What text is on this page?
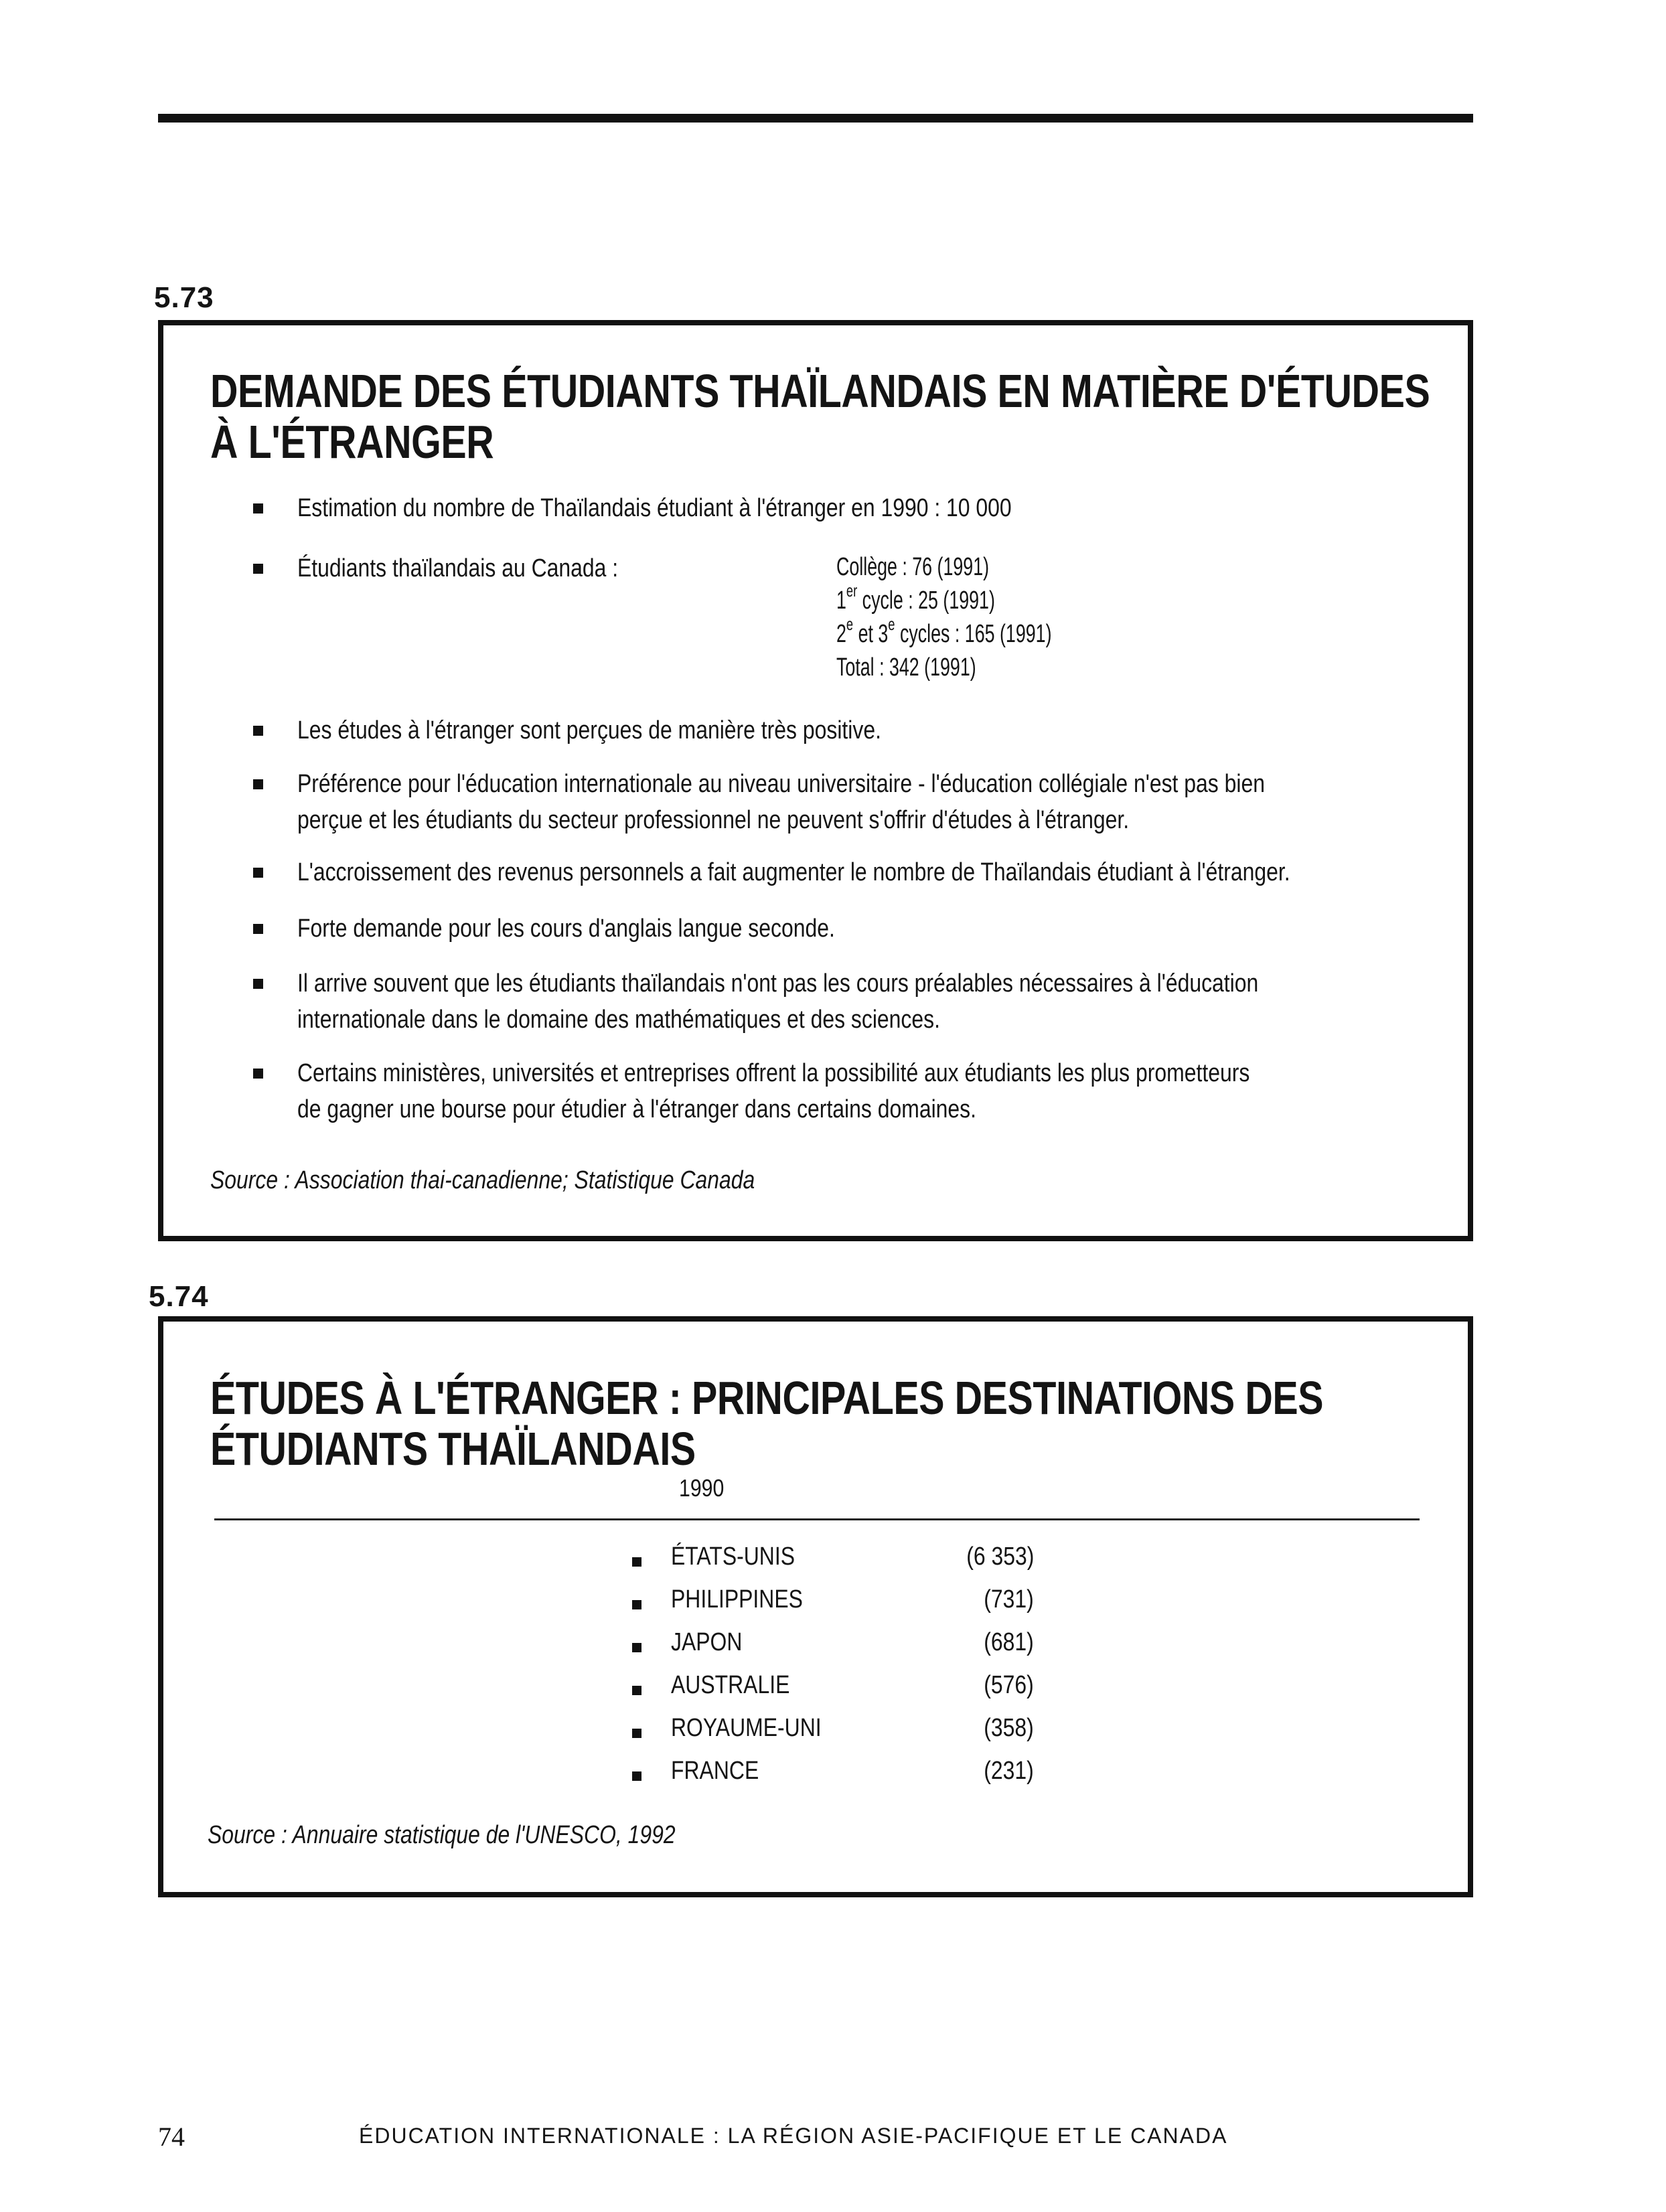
5.73
DEMANDE DES ÉTUDIANTS THAÏLANDAIS EN MATIÈRE D'ÉTUDES
À L'ÉTRANGER
Estimation du nombre de Thaïlandais étudiant à l'étranger en 1990 : 10 000
Étudiants thaïlandais au Canada :	Collège : 76 (1991)
1er cycle : 25 (1991)
2e et 3e cycles : 165 (1991)
Total : 342 (1991)
Les études à l'étranger sont perçues de manière très positive.
Préférence pour l'éducation internationale au niveau universitaire - l'éducation collégiale n'est pas bien
perçue et les étudiants du secteur professionnel ne peuvent s'offrir d'études à l'étranger.
L'accroissement des revenus personnels a fait augmenter le nombre de Thaïlandais étudiant à l'étranger.
Forte demande pour les cours d'anglais langue seconde.
Il arrive souvent que les étudiants thaïlandais n'ont pas les cours préalables nécessaires à l'éducation
internationale dans le domaine des mathématiques et des sciences.
Certains ministères, universités et entreprises offrent la possibilité aux étudiants les plus prometteurs
de gagner une bourse pour étudier à l'étranger dans certains domaines.
Source : Association thai-canadienne; Statistique Canada
5.74
ÉTUDES À L'ÉTRANGER : PRINCIPALES DESTINATIONS DES
ÉTUDIANTS THAÏLANDAIS
1990
ÉTATS-UNIS	(6 353)
PHILIPPINES	(731)
JAPON	(681)
AUSTRALIE	(576)
ROYAUME-UNI	(358)
FRANCE	(231)
Source : Annuaire statistique de l'UNESCO, 1992
74	ÉDUCATION INTERNATIONALE : LA RÉGION ASIE-PACIFIQUE ET LE CANADA
